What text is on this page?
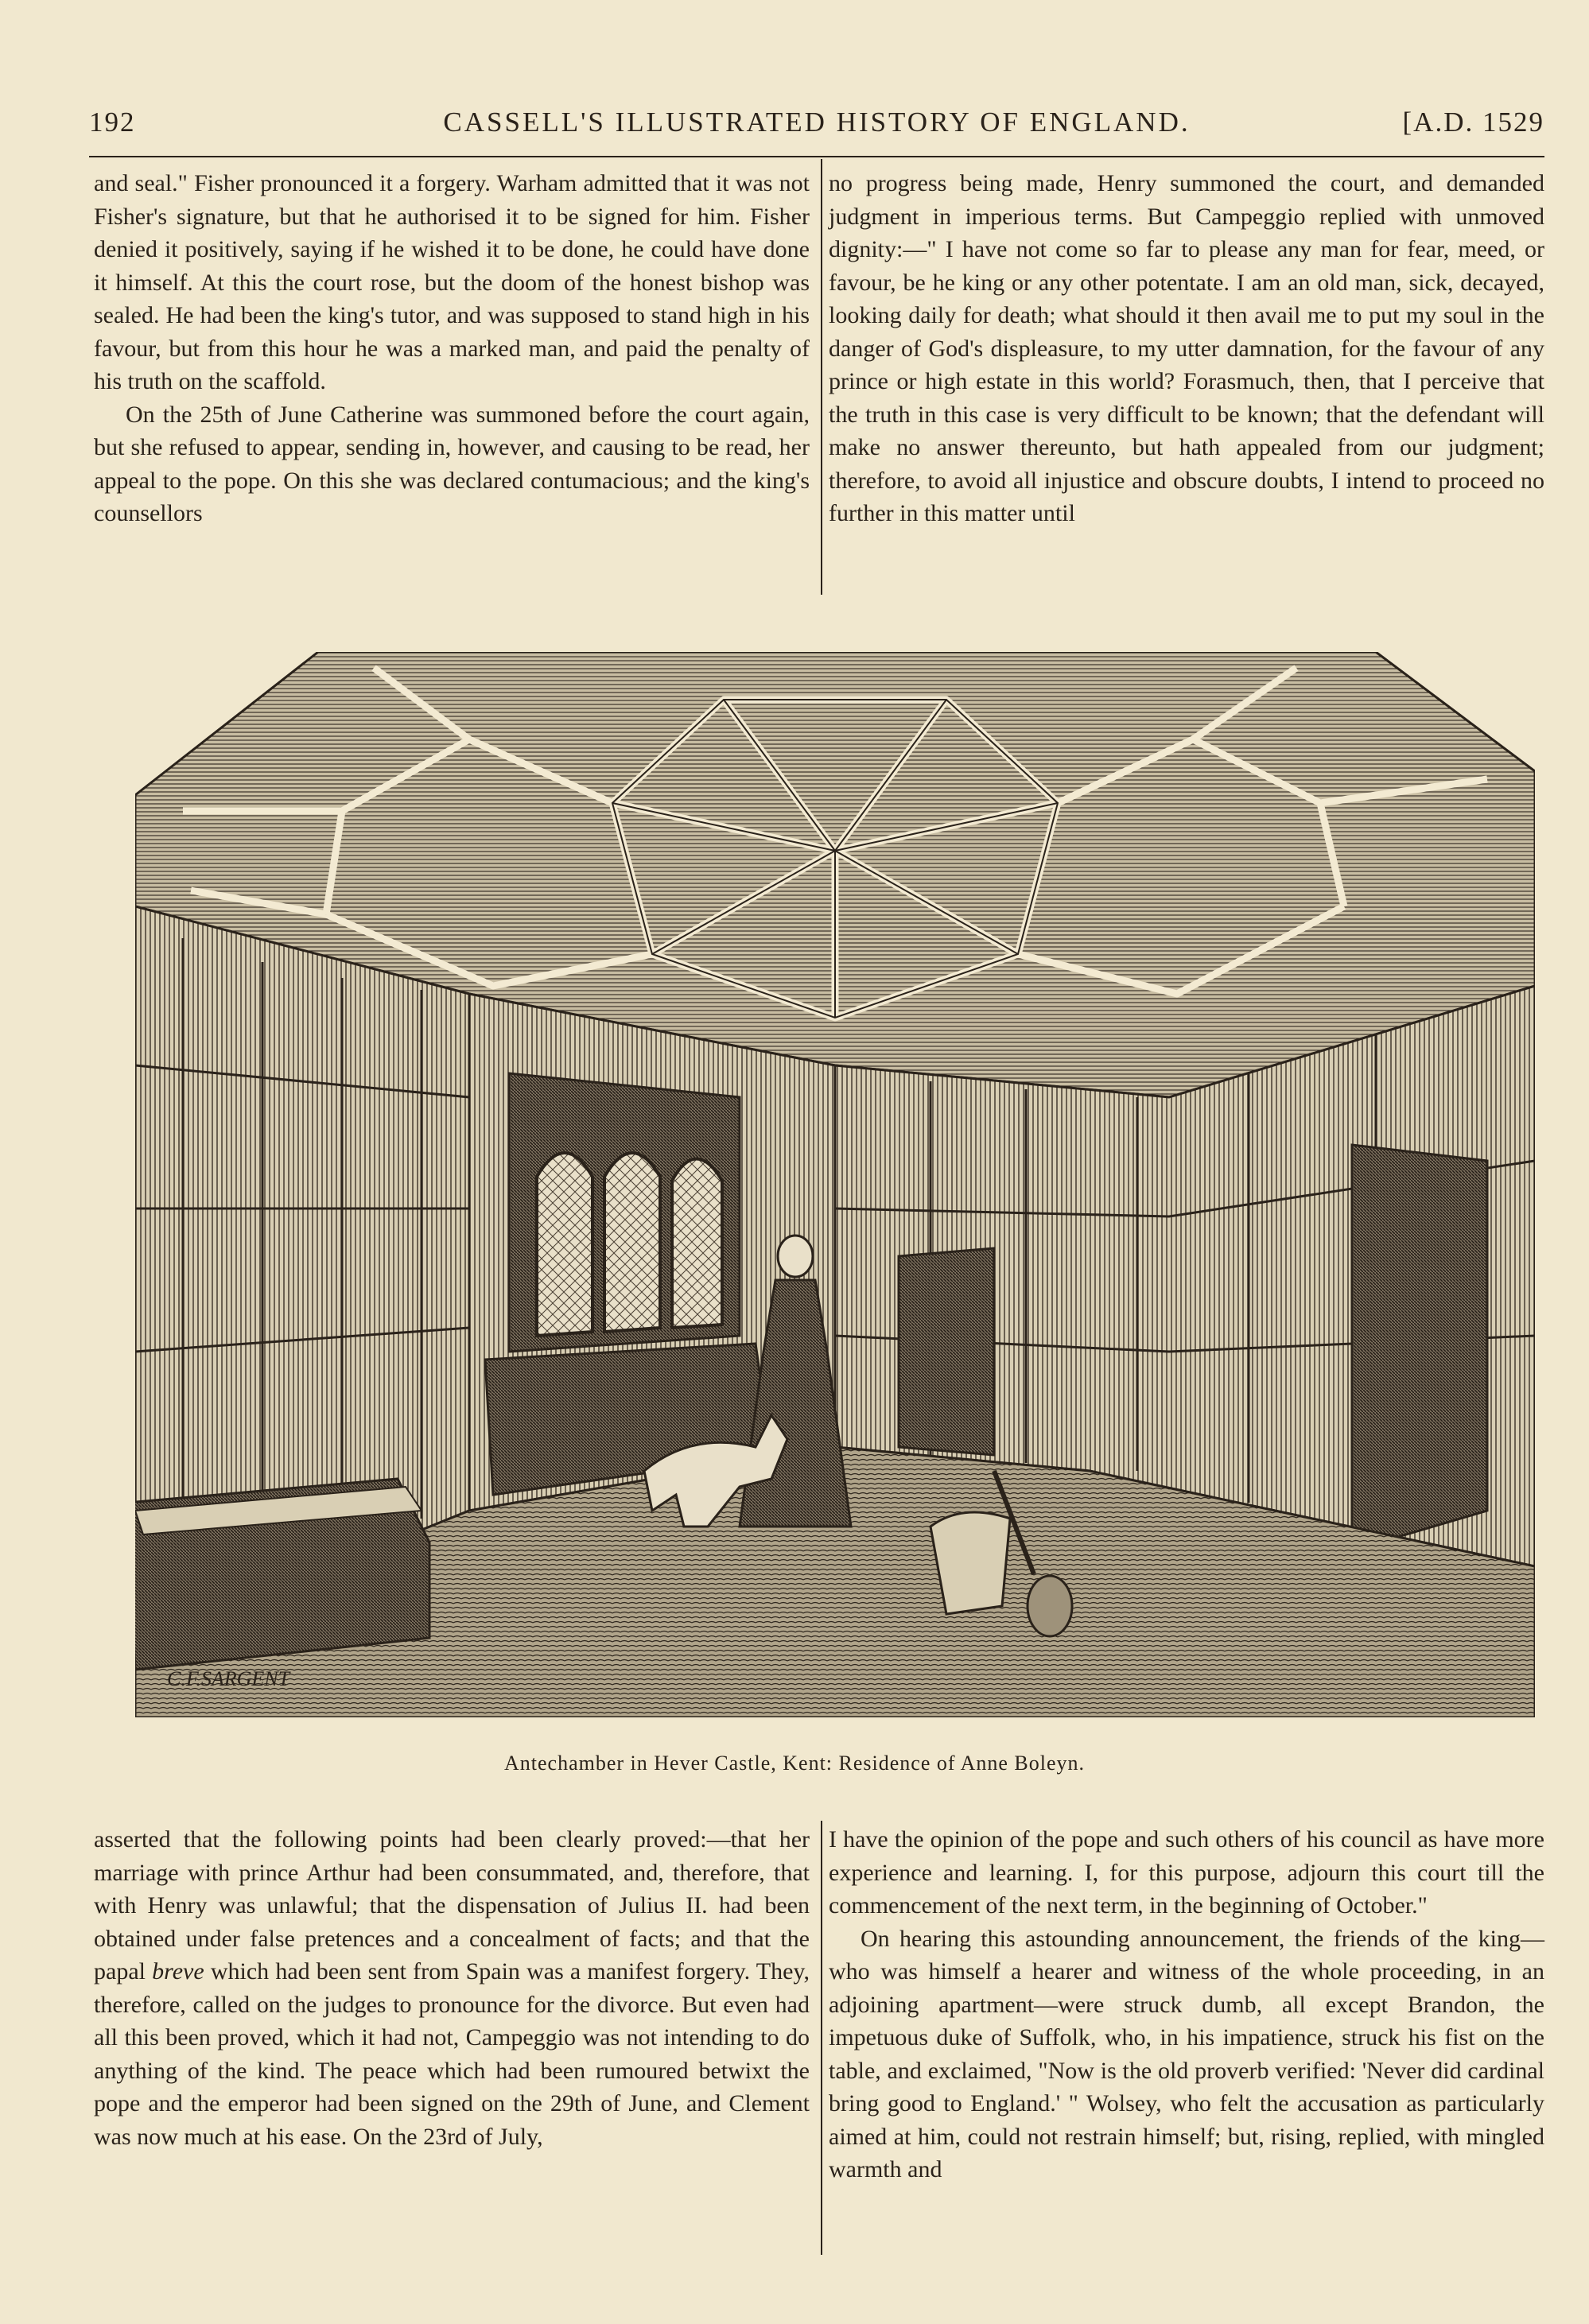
192	CASSELL'S ILLUSTRATED HISTORY OF ENGLAND.	[A.D. 1529

and seal." Fisher pronounced it a forgery. Warham admitted that it was not Fisher's signature, but that he authorised it to be signed for him. Fisher denied it positively, saying if he wished it to be done, he could have done it himself. At this the court rose, but the doom of the honest bishop was sealed. He had been the king's tutor, and was supposed to stand high in his favour, but from this hour he was a marked man, and paid the penalty of his truth on the scaffold.

On the 25th of June Catherine was summoned before the court again, but she refused to appear, sending in, however, and causing to be read, her appeal to the pope. On this she was declared contumacious; and the king's counsellors

no progress being made, Henry summoned the court, and demanded judgment in imperious terms. But Campeggio replied with unmoved dignity:—" I have not come so far to please any man for fear, meed, or favour, be he king or any other potentate. I am an old man, sick, decayed, looking daily for death; what should it then avail me to put my soul in the danger of God's displeasure, to my utter damnation, for the favour of any prince or high estate in this world? Forasmuch, then, that I perceive that the truth in this case is very difficult to be known; that the defendant will make no answer thereunto, but hath appealed from our judgment; therefore, to avoid all injustice and obscure doubts, I intend to proceed no further in this matter until

C.F.SARGENT
Antechamber in Hever Castle, Kent: Residence of Anne Boleyn.

asserted that the following points had been clearly proved:—that her marriage with prince Arthur had been consummated, and, therefore, that with Henry was unlawful; that the dispensation of Julius II. had been obtained under false pretences and a concealment of facts; and that the papal breve which had been sent from Spain was a manifest forgery. They, therefore, called on the judges to pronounce for the divorce. But even had all this been proved, which it had not, Campeggio was not intending to do anything of the kind. The peace which had been rumoured betwixt the pope and the emperor had been signed on the 29th of June, and Clement was now much at his ease. On the 23rd of July,

I have the opinion of the pope and such others of his council as have more experience and learning. I, for this purpose, adjourn this court till the commencement of the next term, in the beginning of October."

On hearing this astounding announcement, the friends of the king—who was himself a hearer and witness of the whole proceeding, in an adjoining apartment—were struck dumb, all except Brandon, the impetuous duke of Suffolk, who, in his impatience, struck his fist on the table, and exclaimed, "Now is the old proverb verified: 'Never did cardinal bring good to England.' " Wolsey, who felt the accusation as particularly aimed at him, could not restrain himself; but, rising, replied, with mingled warmth and
